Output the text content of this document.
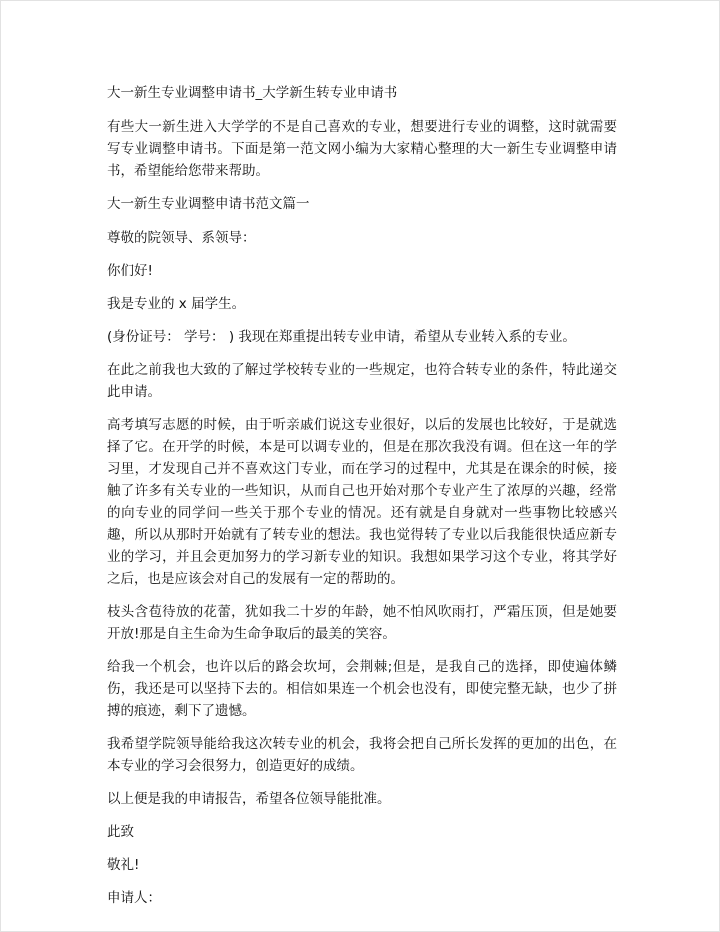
大一新生专业调整申请书_大学新生转专业申请书

有些大一新生进入大学学的不是自己喜欢的专业，想要进行专业的调整，这时就需要写专业调整申请书。下面是第一范文网小编为大家精心整理的大一新生专业调整申请书，希望能给您带来帮助。

大一新生专业调整申请书范文篇一

尊敬的院领导、系领导：

你们好!

我是专业的 x 届学生。

(身份证号： 学号： ) 我现在郑重提出转专业申请，希望从专业转入系的专业。

在此之前我也大致的了解过学校转专业的一些规定，也符合转专业的条件，特此递交此申请。

高考填写志愿的时候，由于听亲戚们说这专业很好，以后的发展也比较好，于是就选择了它。在开学的时候，本是可以调专业的，但是在那次我没有调。但在这一年的学习里，才发现自己并不喜欢这门专业，而在学习的过程中，尤其是在课余的时候，接触了许多有关专业的一些知识，从而自己也开始对那个专业产生了浓厚的兴趣，经常的向专业的同学问一些关于那个专业的情况。还有就是自身就对一些事物比较感兴趣，所以从那时开始就有了转专业的想法。我也觉得转了专业以后我能很快适应新专业的学习，并且会更加努力的学习新专业的知识。我想如果学习这个专业，将其学好之后，也是应该会对自己的发展有一定的帮助的。

枝头含苞待放的花蕾，犹如我二十岁的年龄，她不怕风吹雨打，严霜压顶，但是她要开放!那是自主生命为生命争取后的最美的笑容。

给我一个机会，也许以后的路会坎坷，会荆棘;但是，是我自己的选择，即使遍体鳞伤，我还是可以坚持下去的。相信如果连一个机会也没有，即使完整无缺，也少了拼搏的痕迹，剩下了遗憾。

我希望学院领导能给我这次转专业的机会，我将会把自己所长发挥的更加的出色，在本专业的学习会很努力，创造更好的成绩。

以上便是我的申请报告，希望各位领导能批准。

此致

敬礼!

申请人：
